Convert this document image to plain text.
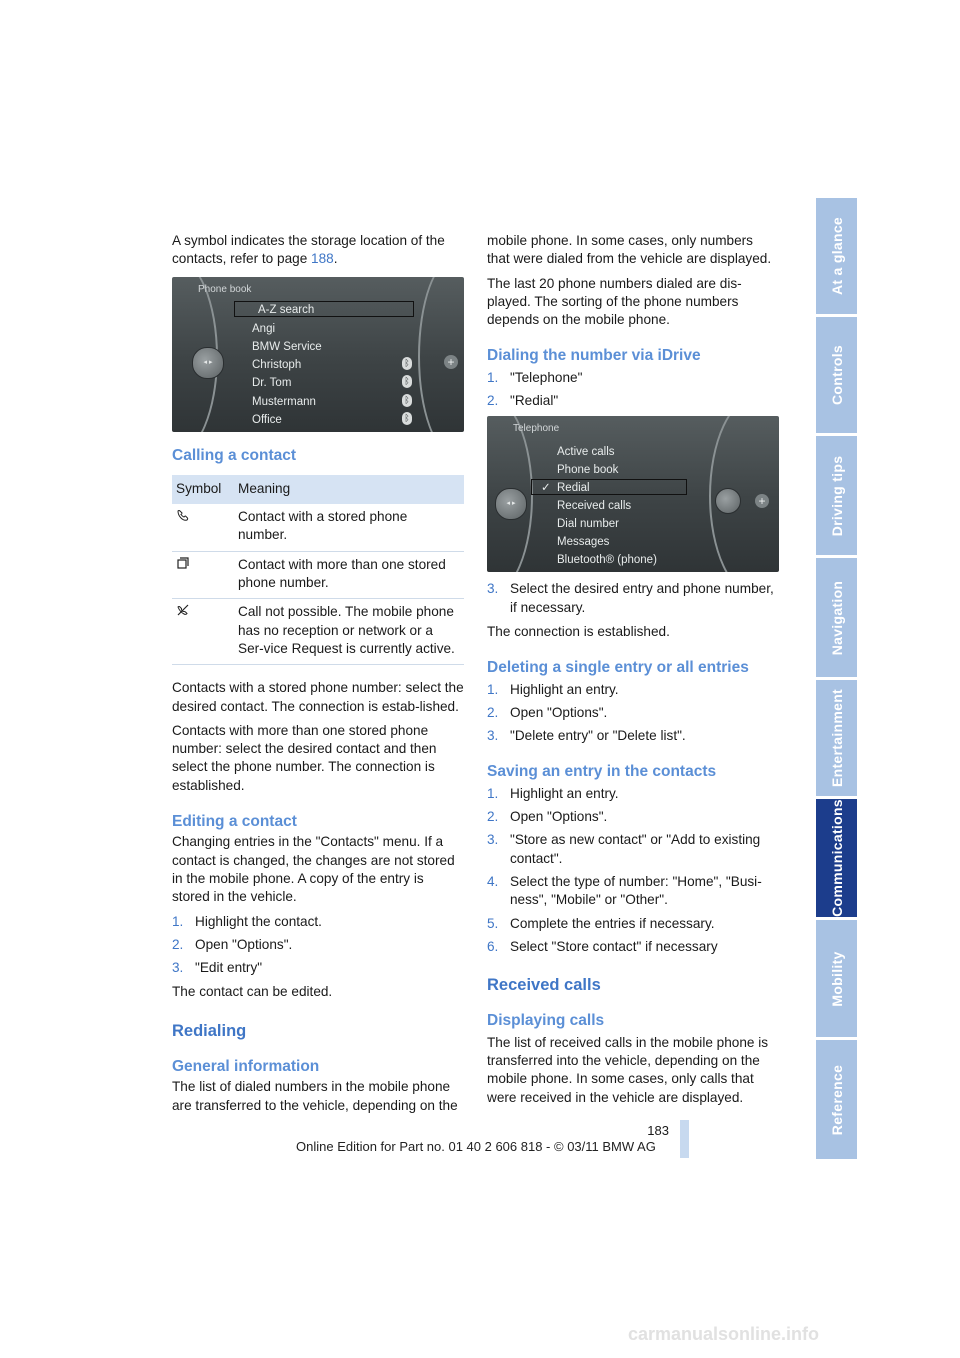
A symbol indicates the storage location of the contacts, refer to page 188.

Phone book
◂ ▸	+
A-Z search
Angi
BMW Service
Christoph
Dr. Tom
Mustermann
Office
ᛒ
ᛒ
ᛒ
ᛒ
Calling a contact
Symbol	Meaning
	Contact with a stored phone number.
	Contact with more than one stored phone number.
	Call not possible. The mobile phone has no reception or network or a Ser-vice Request is currently active.

Contacts with a stored phone number: select the desired contact. The connection is estab-lished.

Contacts with more than one stored phone number: select the desired contact and then select the phone number. The connection is established.

Editing a contact

Changing entries in the "Contacts" menu. If a contact is changed, the changes are not stored in the mobile phone. A copy of the entry is stored in the vehicle.

1. Highlight the contact.
2. Open "Options".
3. "Edit entry"

The contact can be edited.

Redialing
General information

The list of dialed numbers in the mobile phone are transferred to the vehicle, depending on the

mobile phone. In some cases, only numbers that were dialed from the vehicle are displayed.

The last 20 phone numbers dialed are dis-played. The sorting of the phone numbers depends on the mobile phone.

Dialing the number via iDrive
1. "Telephone"
2. "Redial"
Telephone
◂ ▸	+
Active calls
Phone book
✓ Redial
Received calls
Dial number
Messages
Bluetooth® (phone)
3. Select the desired entry and phone number, if necessary.

The connection is established.

Deleting a single entry or all entries
1. Highlight an entry.
2. Open "Options".
3. "Delete entry" or "Delete list".
Saving an entry in the contacts
1. Highlight an entry.
2. Open "Options".
3. "Store as new contact" or "Add to existing contact".
4. Select the type of number: "Home", "Busi-ness", "Mobile" or "Other".
5. Complete the entries if necessary.
6. Select "Store contact" if necessary
Received calls
Displaying calls

The list of received calls in the mobile phone is transferred into the vehicle, depending on the mobile phone. In some cases, only calls that were received in the vehicle are displayed.

At a glance
Controls
Driving tips
Navigation
Entertainment
Communications
Mobility
Reference
183
Online Edition for Part no. 01 40 2 606 818 - © 03/11 BMW AG
carmanualsonline.info
